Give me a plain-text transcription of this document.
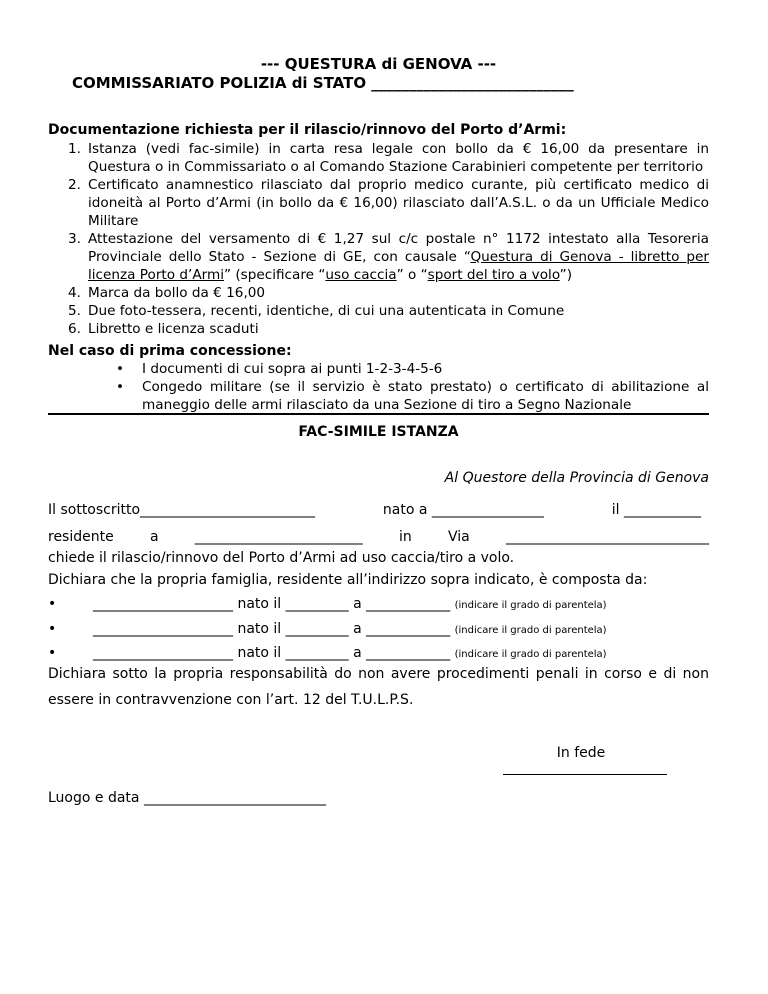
--- QUESTURA di GENOVA ---
COMMISSARIATO POLIZIA di STATO ___________________________
Documentazione richiesta per il rilascio/rinnovo del Porto d’Armi:
1. Istanza (vedi fac-simile) in carta resa legale con bollo da € 16,00 da presentare in Questura o in Commissariato o al Comando Stazione Carabinieri competente per territorio
2. Certificato anamnestico rilasciato dal proprio medico curante, più certificato medico di idoneità al Porto d’Armi (in bollo da € 16,00) rilasciato dall’A.S.L. o da un Ufficiale Medico Militare
3. Attestazione del versamento di € 1,27 sul c/c postale n° 1172 intestato alla Tesoreria Provinciale dello Stato - Sezione di GE, con causale “Questura di Genova - libretto per licenza Porto d’Armi” (specificare “uso caccia” o “sport del tiro a volo”)
4. Marca da bollo da € 16,00
5. Due foto-tessera, recenti, identiche, di cui una autenticata in Comune
6. Libretto e licenza scaduti
Nel caso di prima concessione:
• I documenti di cui sopra ai punti 1-2-3-4-5-6
• Congedo militare (se il servizio è stato prestato) o certificato di abilitazione al maneggio delle armi rilasciato da una Sezione di tiro a Segno Nazionale
FAC-SIMILE ISTANZA
Al Questore della Provincia di Genova
Il sottoscritto_________________________	nato a ________________	il ___________
residente	a	________________________	in	Via	_____________________________
chiede il rilascio/rinnovo del Porto d’Armi ad uso caccia/tiro a volo.
Dichiara che la propria famiglia, residente all’indirizzo sopra indicato, è composta da:
•	____________________ nato il _________ a ____________ (indicare il grado di parentela)
•	____________________ nato il _________ a ____________ (indicare il grado di parentela)
•	____________________ nato il _________ a ____________ (indicare il grado di parentela)
Dichiara sotto la propria responsabilità do non avere procedimenti penali in corso e di non
essere in contravvenzione con l’art. 12 del T.U.L.P.S.
In fede
Luogo e data __________________________
